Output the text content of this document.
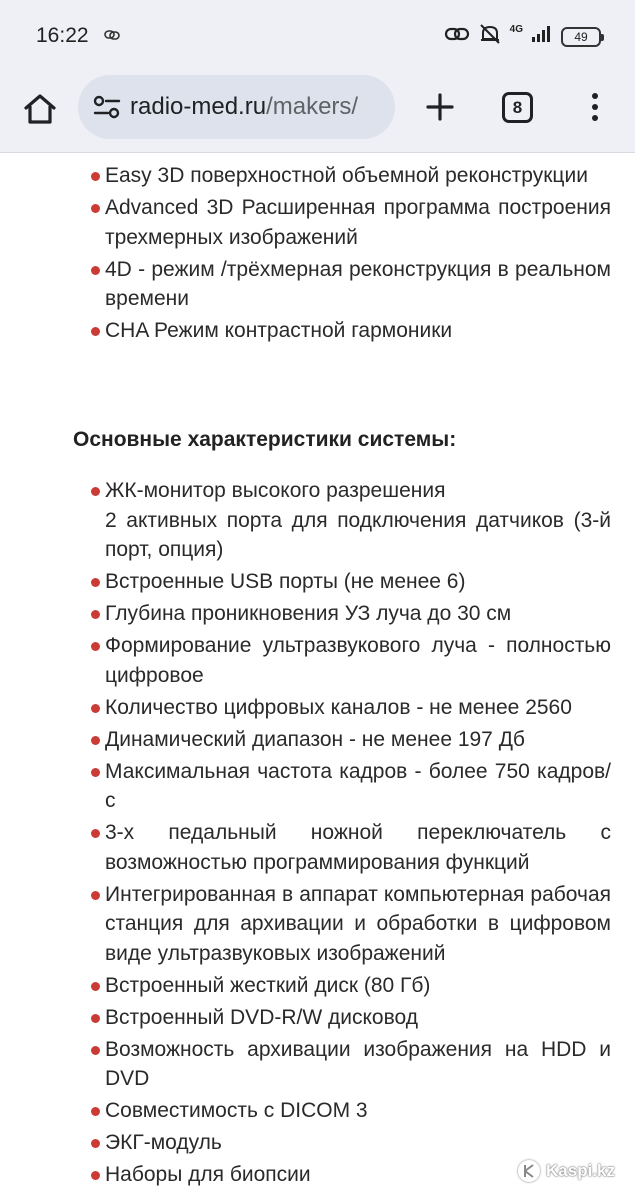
16:22	4G	49
radio-med.ru/makers/	8
Easy 3D поверхностной объемной реконструкции
Advanced 3D Расширенная программа построения трехмерных изображений
4D - режим /трёхмерная реконструкция в реальном времени
CHA Режим контрастной гармоники
Основные характеристики системы:
ЖК-монитор высокого разрешения
2 активных порта для подключения датчиков (3-й порт, опция)
Встроенные USB порты (не менее 6)
Глубина проникновения УЗ луча до 30 см
Формирование ультразвукового луча - полностью цифровое
Количество цифровых каналов - не менее 2560
Динамический диапазон - не менее 197 Дб
Максимальная частота кадров - более 750 кадров/с
3-х педальный ножной переключатель с возможностью программирования функций
Интегрированная в аппарат компьютерная рабочая станция для архивации и обработки в цифровом виде ультразвуковых изображений
Встроенный жесткий диск (80 Гб)
Встроенный DVD-R/W дисковод
Возможность архивации изображения на HDD и DVD
Совместимость с DICOM 3
ЭКГ-модуль
Наборы для биопсии	Kaspi.kz
